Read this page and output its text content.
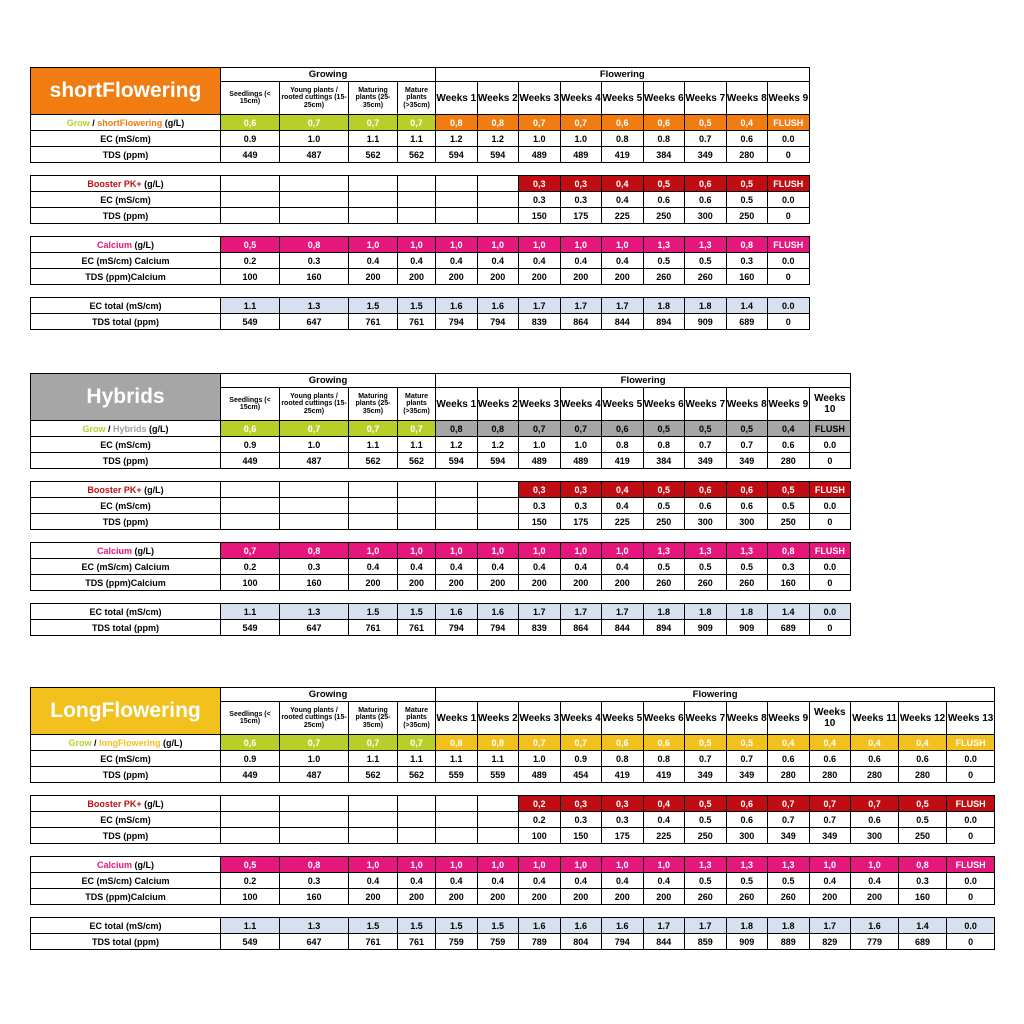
shortFlowering	Growing				Flowering								
	Seedlings (< 15cm)	Young plants / rooted cuttings (15-25cm)	Maturing plants (25-35cm)	Mature plants (>35cm)	Weeks 1	Weeks 2	Weeks 3	Weeks 4	Weeks 5	Weeks 6	Weeks 7	Weeks 8	Weeks 9
Grow / shortFlowering (g/L)	0,6	0,7	0,7	0,7	0,8	0,8	0,7	0,7	0,6	0,6	0,5	0,4	FLUSH
EC (mS/cm)	0.9	1.0	1.1	1.1	1.2	1.2	1.0	1.0	0.8	0.8	0.7	0.6	0.0
TDS (ppm)	449	487	562	562	594	594	489	489	419	384	349	280	0

Booster PK+ (g/L)							0,3	0,3	0,4	0,5	0,6	0,5	FLUSH
EC (mS/cm)							0.3	0.3	0.4	0.6	0.6	0.5	0.0
TDS (ppm)							150	175	225	250	300	250	0

Calcium (g/L)	0,5	0,8	1,0	1,0	1,0	1,0	1,0	1,0	1,0	1,3	1,3	0,8	FLUSH
EC (mS/cm) Calcium	0.2	0.3	0.4	0.4	0.4	0.4	0.4	0.4	0.4	0.5	0.5	0.3	0.0
TDS (ppm)Calcium	100	160	200	200	200	200	200	200	200	260	260	160	0

EC total (mS/cm)	1.1	1.3	1.5	1.5	1.6	1.6	1.7	1.7	1.7	1.8	1.8	1.4	0.0
TDS total (ppm)	549	647	761	761	794	794	839	864	844	894	909	689	0
Hybrids	Growing				Flowering									
	Seedlings (< 15cm)	Young plants / rooted cuttings (15-25cm)	Maturing plants (25-35cm)	Mature plants (>35cm)	Weeks 1	Weeks 2	Weeks 3	Weeks 4	Weeks 5	Weeks 6	Weeks 7	Weeks 8	Weeks 9	Weeks 10
Grow / Hybrids (g/L)	0,6	0,7	0,7	0,7	0,8	0,8	0,7	0,7	0,6	0,5	0,5	0,5	0,4	FLUSH
EC (mS/cm)	0.9	1.0	1.1	1.1	1.2	1.2	1.0	1.0	0.8	0.8	0.7	0.7	0.6	0.0
TDS (ppm)	449	487	562	562	594	594	489	489	419	384	349	349	280	0

Booster PK+ (g/L)							0,3	0,3	0,4	0,5	0,6	0,6	0,5	FLUSH
EC (mS/cm)							0.3	0.3	0.4	0.5	0.6	0.6	0.5	0.0
TDS (ppm)							150	175	225	250	300	300	250	0

Calcium (g/L)	0,7	0,8	1,0	1,0	1,0	1,0	1,0	1,0	1,0	1,3	1,3	1,3	0,8	FLUSH
EC (mS/cm) Calcium	0.2	0.3	0.4	0.4	0.4	0.4	0.4	0.4	0.4	0.5	0.5	0.5	0.3	0.0
TDS (ppm)Calcium	100	160	200	200	200	200	200	200	200	260	260	260	160	0

EC total (mS/cm)	1.1	1.3	1.5	1.5	1.6	1.6	1.7	1.7	1.7	1.8	1.8	1.8	1.4	0.0
TDS total (ppm)	549	647	761	761	794	794	839	864	844	894	909	909	689	0
LongFlowering	Growing				Flowering												
	Seedlings (< 15cm)	Young plants / rooted cuttings (15-25cm)	Maturing plants (25-35cm)	Mature plants (>35cm)	Weeks 1	Weeks 2	Weeks 3	Weeks 4	Weeks 5	Weeks 6	Weeks 7	Weeks 8	Weeks 9	Weeks 10	Weeks 11	Weeks 12	Weeks 13
Grow / longFlowering (g/L)	0,6	0,7	0,7	0,7	0,8	0,8	0,7	0,7	0,6	0,6	0,5	0,5	0,4	0,4	0,4	0,4	FLUSH
EC (mS/cm)	0.9	1.0	1.1	1.1	1.1	1.1	1.0	0.9	0.8	0.8	0.7	0.7	0.6	0.6	0.6	0.6	0.0
TDS (ppm)	449	487	562	562	559	559	489	454	419	419	349	349	280	280	280	280	0

Booster PK+ (g/L)							0,2	0,3	0,3	0,4	0,5	0,6	0,7	0,7	0,7	0,5	FLUSH
EC (mS/cm)							0.2	0.3	0.3	0.4	0.5	0.6	0.7	0.7	0.6	0.5	0.0
TDS (ppm)							100	150	175	225	250	300	349	349	300	250	0

Calcium (g/L)	0,5	0,8	1,0	1,0	1,0	1,0	1,0	1,0	1,0	1,0	1,3	1,3	1,3	1,0	1,0	0,8	FLUSH
EC (mS/cm) Calcium	0.2	0.3	0.4	0.4	0.4	0.4	0.4	0.4	0.4	0.4	0.5	0.5	0.5	0.4	0.4	0.3	0.0
TDS (ppm)Calcium	100	160	200	200	200	200	200	200	200	200	260	260	260	200	200	160	0

EC total (mS/cm)	1.1	1.3	1.5	1.5	1.5	1.5	1.6	1.6	1.6	1.7	1.7	1.8	1.8	1.7	1.6	1.4	0.0
TDS total (ppm)	549	647	761	761	759	759	789	804	794	844	859	909	889	829	779	689	0
